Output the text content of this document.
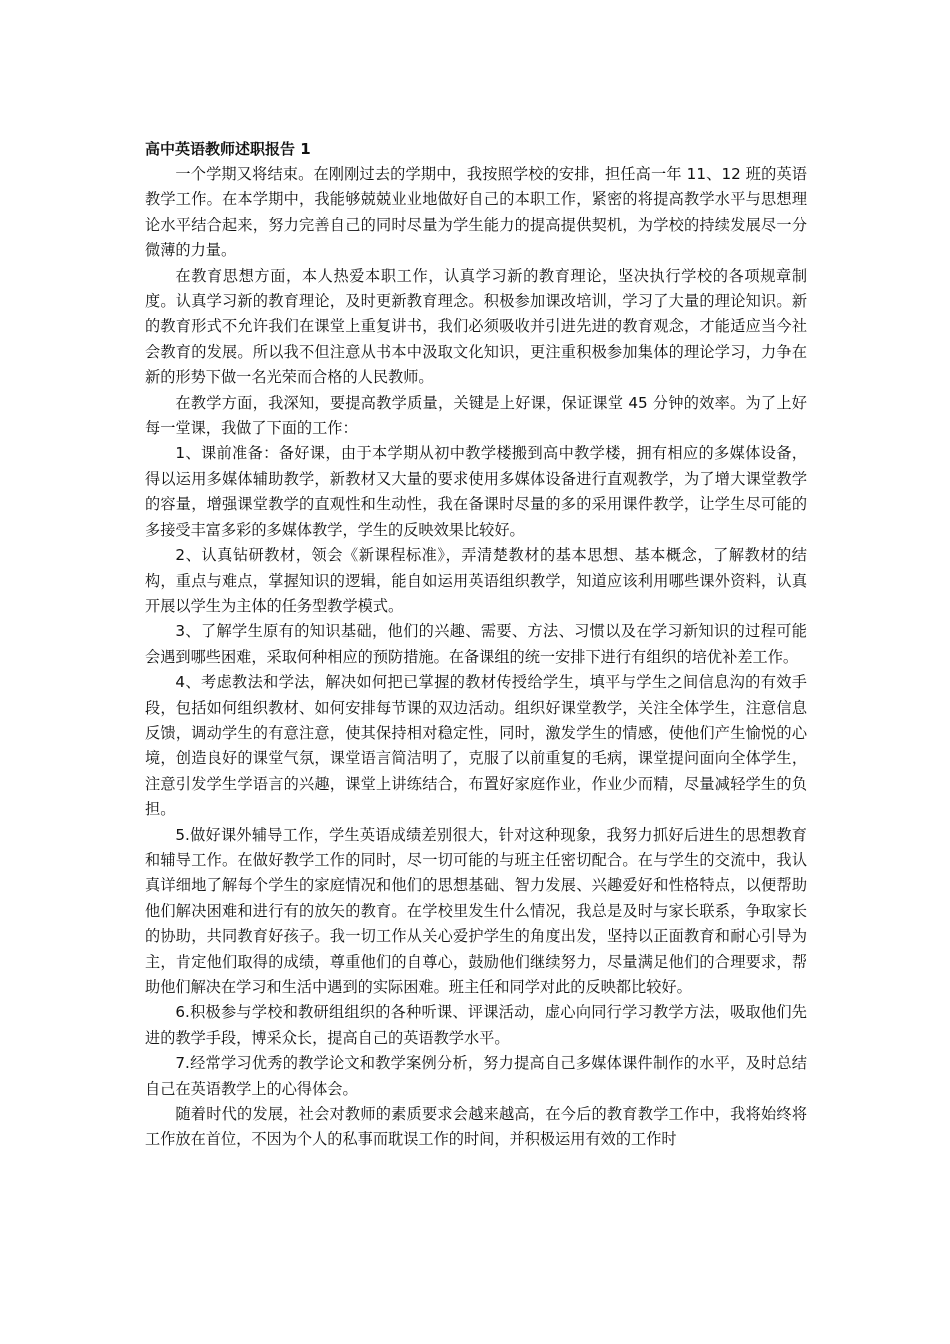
高中英语教师述职报告 1

一个学期又将结束。在刚刚过去的学期中，我按照学校的安排，担任高一年 11、12 班的英语教学工作。在本学期中，我能够兢兢业业地做好自己的本职工作，紧密的将提高教学水平与思想理论水平结合起来，努力完善自己的同时尽量为学生能力的提高提供契机，为学校的持续发展尽一分微薄的力量。

在教育思想方面，本人热爱本职工作，认真学习新的教育理论，坚决执行学校的各项规章制度。认真学习新的教育理论，及时更新教育理念。积极参加课改培训，学习了大量的理论知识。新的教育形式不允许我们在课堂上重复讲书，我们必须吸收并引进先进的教育观念，才能适应当今社会教育的发展。所以我不但注意从书本中汲取文化知识，更注重积极参加集体的理论学习，力争在新的形势下做一名光荣而合格的人民教师。

在教学方面，我深知，要提高教学质量，关键是上好课，保证课堂 45 分钟的效率。为了上好每一堂课，我做了下面的工作：

1、课前准备：备好课，由于本学期从初中教学楼搬到高中教学楼，拥有相应的多媒体设备，得以运用多媒体辅助教学，新教材又大量的要求使用多媒体设备进行直观教学，为了增大课堂教学的容量，增强课堂教学的直观性和生动性，我在备课时尽量的多的采用课件教学，让学生尽可能的多接受丰富多彩的多媒体教学，学生的反映效果比较好。

2、认真钻研教材，领会《新课程标准》，弄清楚教材的基本思想、基本概念，了解教材的结构，重点与难点，掌握知识的逻辑，能自如运用英语组织教学，知道应该利用哪些课外资料，认真开展以学生为主体的任务型教学模式。

3、了解学生原有的知识基础，他们的兴趣、需要、方法、习惯以及在学习新知识的过程可能会遇到哪些困难，采取何种相应的预防措施。在备课组的统一安排下进行有组织的培优补差工作。

4、考虑教法和学法，解决如何把已掌握的教材传授给学生，填平与学生之间信息沟的有效手段，包括如何组织教材、如何安排每节课的双边活动。组织好课堂教学，关注全体学生，注意信息反馈，调动学生的有意注意，使其保持相对稳定性，同时，激发学生的情感，使他们产生愉悦的心境，创造良好的课堂气氛，课堂语言简洁明了，克服了以前重复的毛病，课堂提问面向全体学生，注意引发学生学语言的兴趣，课堂上讲练结合，布置好家庭作业，作业少而精，尽量减轻学生的负担。

5.做好课外辅导工作，学生英语成绩差别很大，针对这种现象，我努力抓好后进生的思想教育和辅导工作。在做好教学工作的同时，尽一切可能的与班主任密切配合。在与学生的交流中，我认真详细地了解每个学生的家庭情况和他们的思想基础、智力发展、兴趣爱好和性格特点，以便帮助他们解决困难和进行有的放矢的教育。在学校里发生什么情况，我总是及时与家长联系，争取家长的协助，共同教育好孩子。我一切工作从关心爱护学生的角度出发，坚持以正面教育和耐心引导为主，肯定他们取得的成绩，尊重他们的自尊心，鼓励他们继续努力，尽量满足他们的合理要求，帮助他们解决在学习和生活中遇到的实际困难。班主任和同学对此的反映都比较好。

6.积极参与学校和教研组组织的各种听课、评课活动，虚心向同行学习教学方法，吸取他们先进的教学手段，博采众长，提高自己的英语教学水平。

7.经常学习优秀的教学论文和教学案例分析，努力提高自己多媒体课件制作的水平，及时总结自己在英语教学上的心得体会。

随着时代的发展，社会对教师的素质要求会越来越高，在今后的教育教学工作中，我将始终将工作放在首位，不因为个人的私事而耽误工作的时间，并积极运用有效的工作时
